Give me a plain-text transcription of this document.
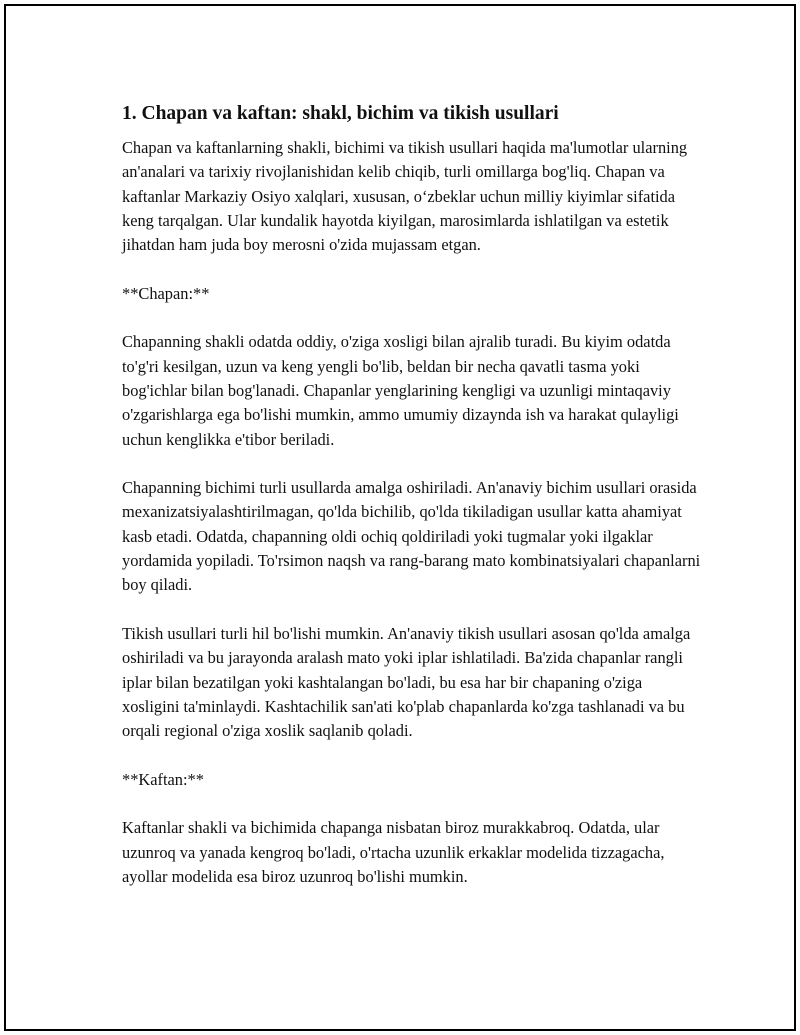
1. Chapan va kaftan: shakl, bichim va tikish usullari

Chapan va kaftanlarning shakli, bichimi va tikish usullari haqida ma'lumotlar ularning an'analari va tarixiy rivojlanishidan kelib chiqib, turli omillarga bog'liq. Chapan va kaftanlar Markaziy Osiyo xalqlari, xususan, o‘zbeklar uchun milliy kiyimlar sifatida keng tarqalgan. Ular kundalik hayotda kiyilgan, marosimlarda ishlatilgan va estetik jihatdan ham juda boy merosni o'zida mujassam etgan.

**Chapan:**

Chapanning shakli odatda oddiy, o'ziga xosligi bilan ajralib turadi. Bu kiyim odatda to'g'ri kesilgan, uzun va keng yengli bo'lib, beldan bir necha qavatli tasma yoki bog'ichlar bilan bog'lanadi. Chapanlar yenglarining kengligi va uzunligi mintaqaviy o'zgarishlarga ega bo'lishi mumkin, ammo umumiy dizaynda ish va harakat qulayligi uchun kenglikka e'tibor beriladi.

Chapanning bichimi turli usullarda amalga oshiriladi. An'anaviy bichim usullari orasida mexanizatsiyalashtirilmagan, qo'lda bichilib, qo'lda tikiladigan usullar katta ahamiyat kasb etadi. Odatda, chapanning oldi ochiq qoldiriladi yoki tugmalar yoki ilgaklar yordamida yopiladi. To'rsimon naqsh va rang-barang mato kombinatsiyalari chapanlarni boy qiladi.

Tikish usullari turli hil bo'lishi mumkin. An'anaviy tikish usullari asosan qo'lda amalga oshiriladi va bu jarayonda aralash mato yoki iplar ishlatiladi. Ba'zida chapanlar rangli iplar bilan bezatilgan yoki kashtalangan bo'ladi, bu esa har bir chapaning o'ziga xosligini ta'minlaydi. Kashtachilik san'ati ko'plab chapanlarda ko'zga tashlanadi va bu orqali regional o'ziga xoslik saqlanib qoladi.

**Kaftan:**

Kaftanlar shakli va bichimida chapanga nisbatan biroz murakkabroq. Odatda, ular uzunroq va yanada kengroq bo'ladi, o'rtacha uzunlik erkaklar modelida tizzagacha, ayollar modelida esa biroz uzunroq bo'lishi mumkin.
